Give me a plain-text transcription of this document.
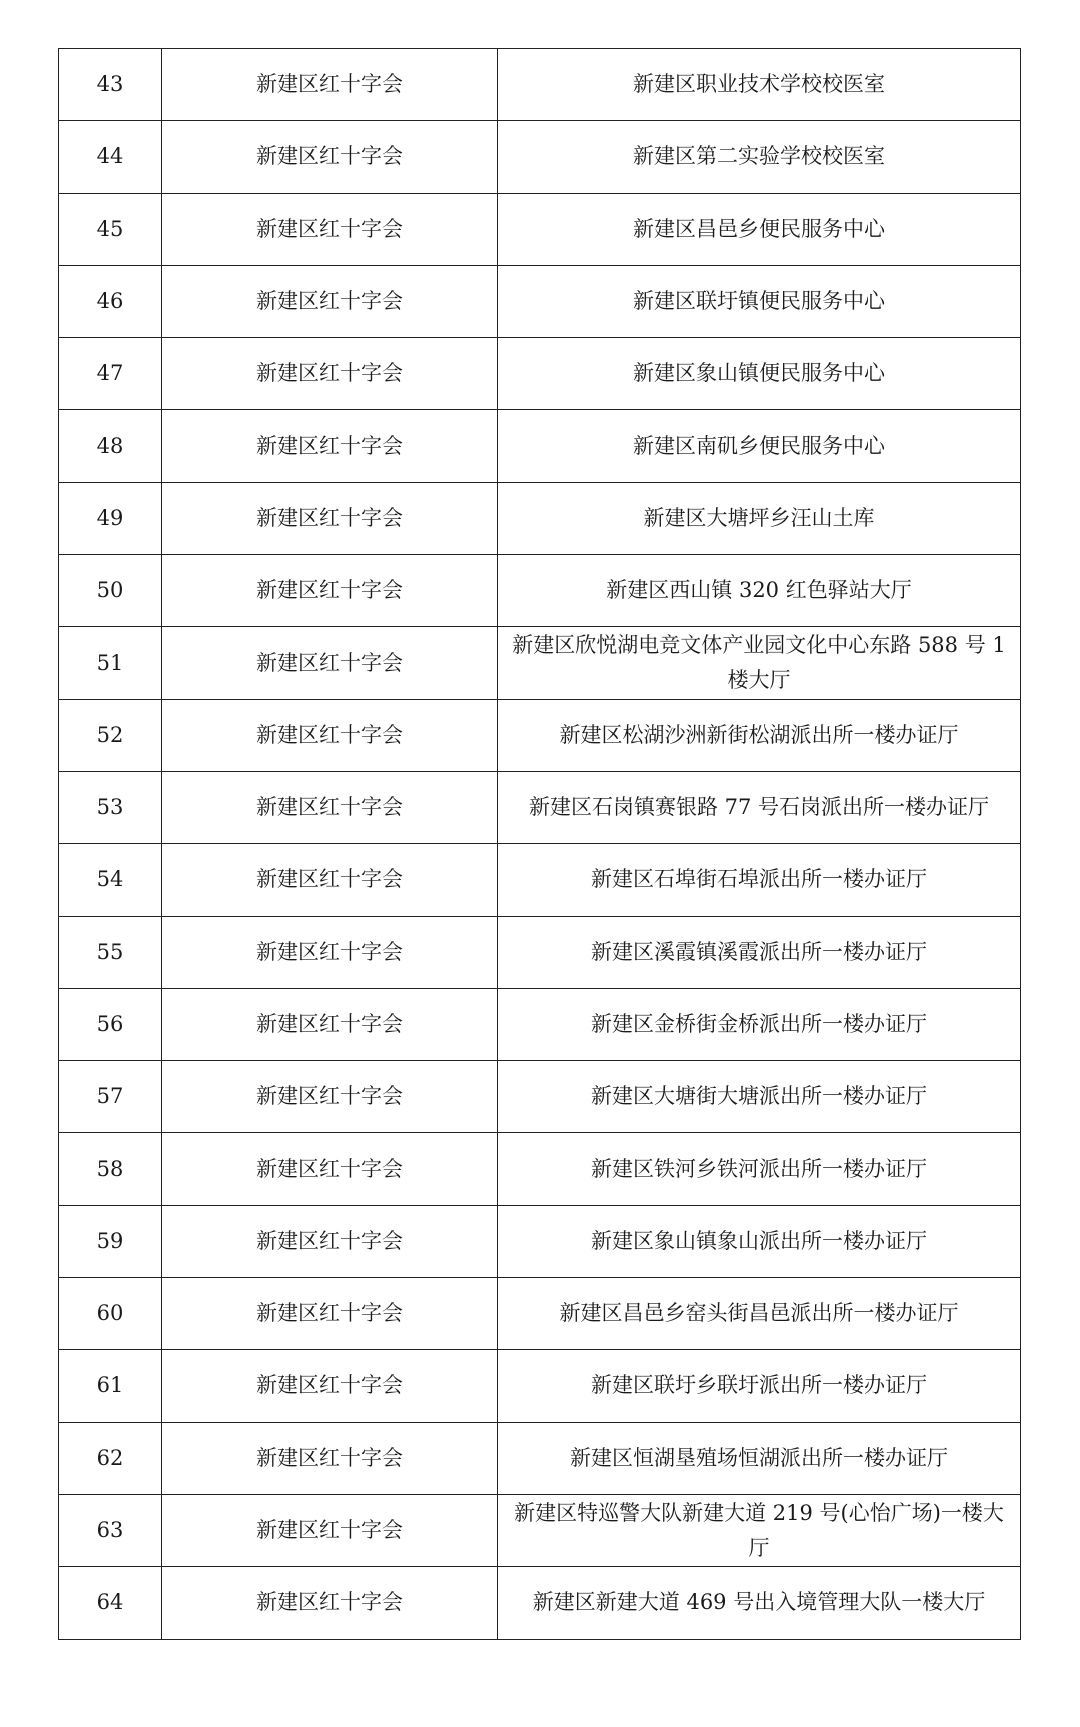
43	新建区红十字会	新建区职业技术学校校医室
44	新建区红十字会	新建区第二实验学校校医室
45	新建区红十字会	新建区昌邑乡便民服务中心
46	新建区红十字会	新建区联圩镇便民服务中心
47	新建区红十字会	新建区象山镇便民服务中心
48	新建区红十字会	新建区南矶乡便民服务中心
49	新建区红十字会	新建区大塘坪乡汪山土库
50	新建区红十字会	新建区西山镇 320 红色驿站大厅
51	新建区红十字会	新建区欣悦湖电竞文体产业园文化中心东路 588 号 1 楼大厅
52	新建区红十字会	新建区松湖沙洲新街松湖派出所一楼办证厅
53	新建区红十字会	新建区石岗镇赛银路 77 号石岗派出所一楼办证厅
54	新建区红十字会	新建区石埠街石埠派出所一楼办证厅
55	新建区红十字会	新建区溪霞镇溪霞派出所一楼办证厅
56	新建区红十字会	新建区金桥街金桥派出所一楼办证厅
57	新建区红十字会	新建区大塘街大塘派出所一楼办证厅
58	新建区红十字会	新建区铁河乡铁河派出所一楼办证厅
59	新建区红十字会	新建区象山镇象山派出所一楼办证厅
60	新建区红十字会	新建区昌邑乡窑头街昌邑派出所一楼办证厅
61	新建区红十字会	新建区联圩乡联圩派出所一楼办证厅
62	新建区红十字会	新建区恒湖垦殖场恒湖派出所一楼办证厅
63	新建区红十字会	新建区特巡警大队新建大道 219 号(心怡广场)一楼大厅
64	新建区红十字会	新建区新建大道 469 号出入境管理大队一楼大厅
